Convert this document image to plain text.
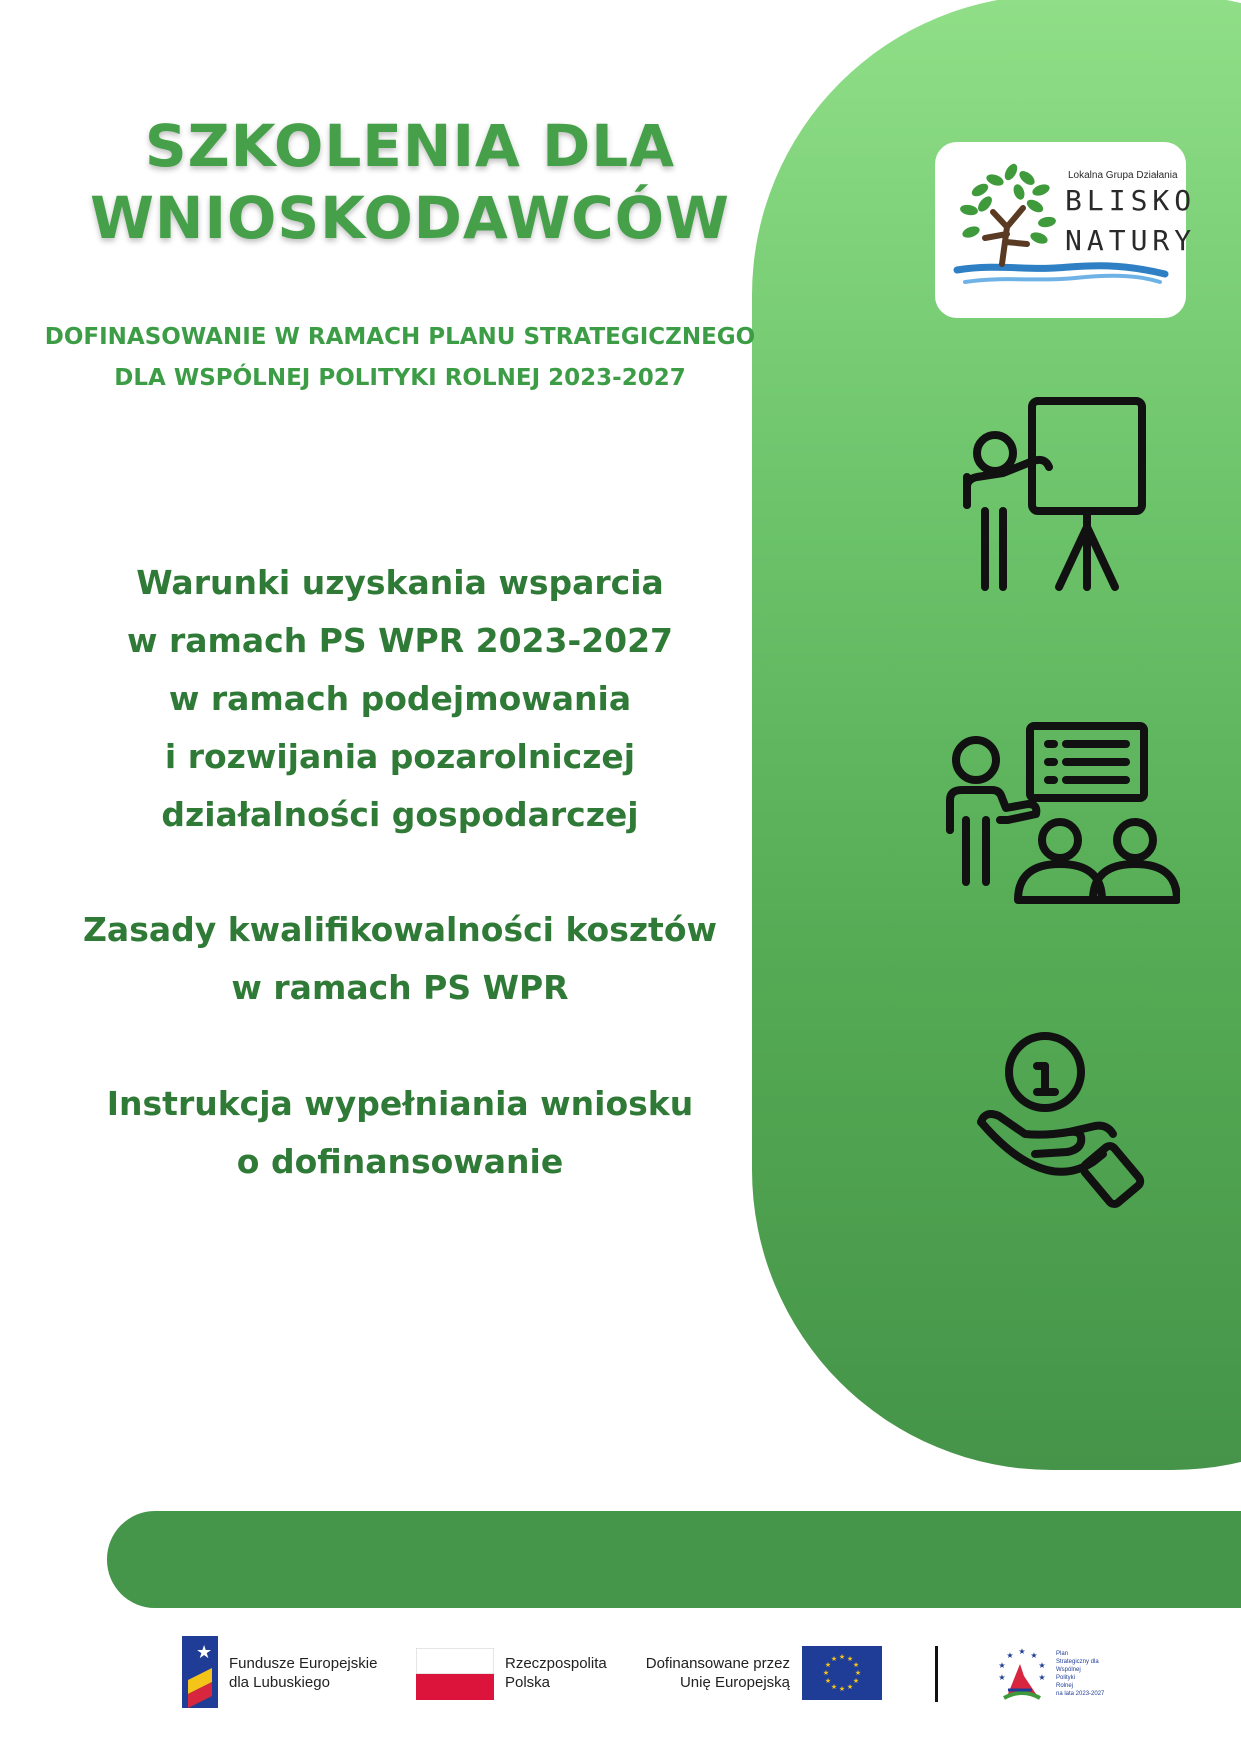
SZKOLENIA DLA
WNIOSKODAWCÓW
DOFINASOWANIE W RAMACH PLANU STRATEGICZNEGO
DLA WSPÓLNEJ POLITYKI ROLNEJ 2023-2027
Warunki uzyskania wsparcia
w ramach PS WPR 2023-2027
w ramach podejmowania
i rozwijania pozarolniczej
działalności gospodarczej
Zasady kwalifikowalności kosztów
w ramach PS WPR
Instrukcja wypełniania wniosku
o dofinansowanie
Lokalna Grupa Działania
BLISKO
NATURY
★
Fundusze Europejskie
dla Lubuskiego
Rzeczpospolita
Polska
Dofinansowane przez
Unię Europejską
★ ★
★
★
★
★
★
★
★
★
★
★
★ ★
★
★
★
★
★
Plan
Strategiczny dla
Wspólnej
Polityki
Rolnej
na lata 2023-2027
